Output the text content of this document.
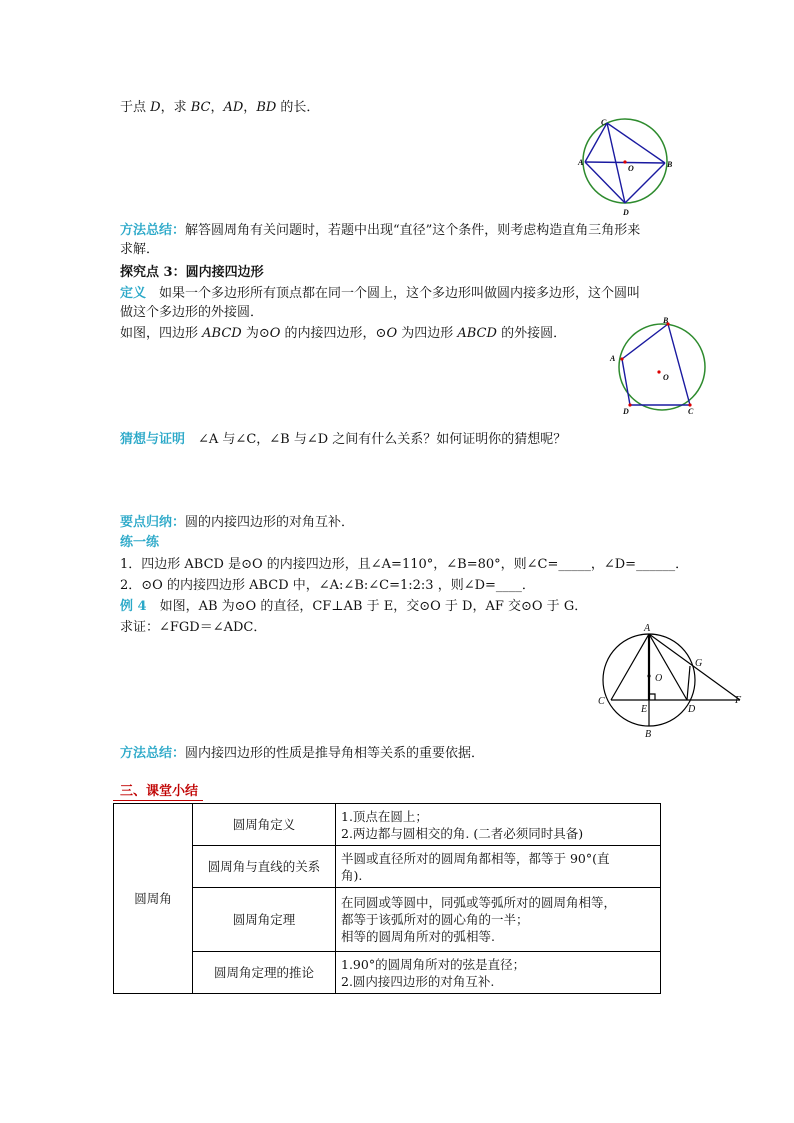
于点 D，求 BC，AD，BD 的长．
C
A
O	B
D
方法总结：解答圆周角有关问题时，若题中出现“直径”这个条件，则考虑构造直角三角形来
求解．
探究点 3：圆内接四边形
定义　如果一个多边形所有顶点都在同一个圆上，这个多边形叫做圆内接多边形，这个圆叫
做这个多边形的外接圆．
如图，四边形 ABCD 为⊙O 的内接四边形，⊙O 为四边形 ABCD 的外接圆．
B
A
O
D	C
猜想与证明　∠A 与∠C，∠B 与∠D 之间有什么关系？如何证明你的猜想呢？
要点归纳：圆的内接四边形的对角互补．
练一练
1．四边形 ABCD 是⊙O 的内接四边形，且∠A=110°，∠B=80°，则∠C=_____，∠D=______．
2．⊙O 的内接四边形 ABCD 中，∠A:∠B:∠C=1:2:3 ，则∠D=____．
例 4　如图，AB 为⊙O 的直径，CF⊥AB 于 E，交⊙O 于 D，AF 交⊙O 于 G．
求证：∠FGD＝∠ADC．	A
G
O
C
E	D
F
B
方法总结：圆内接四边形的性质是推导角相等关系的重要依据．
三、课堂小结
圆周角	圆周角定义	1.顶点在圆上；
2.两边都与圆相交的角. (二者必须同时具备)

	圆周角与直线的关系	半圆或直径所对的圆周角都相等，都等于 90°(直
角).

	圆周角定理	在同圆或等圆中，同弧或等弧所对的圆周角相等，
都等于该弧所对的圆心角的一半；
相等的圆周角所对的弧相等.

	圆周角定理的推论	1.90°的圆周角所对的弦是直径；
2.圆内接四边形的对角互补.
